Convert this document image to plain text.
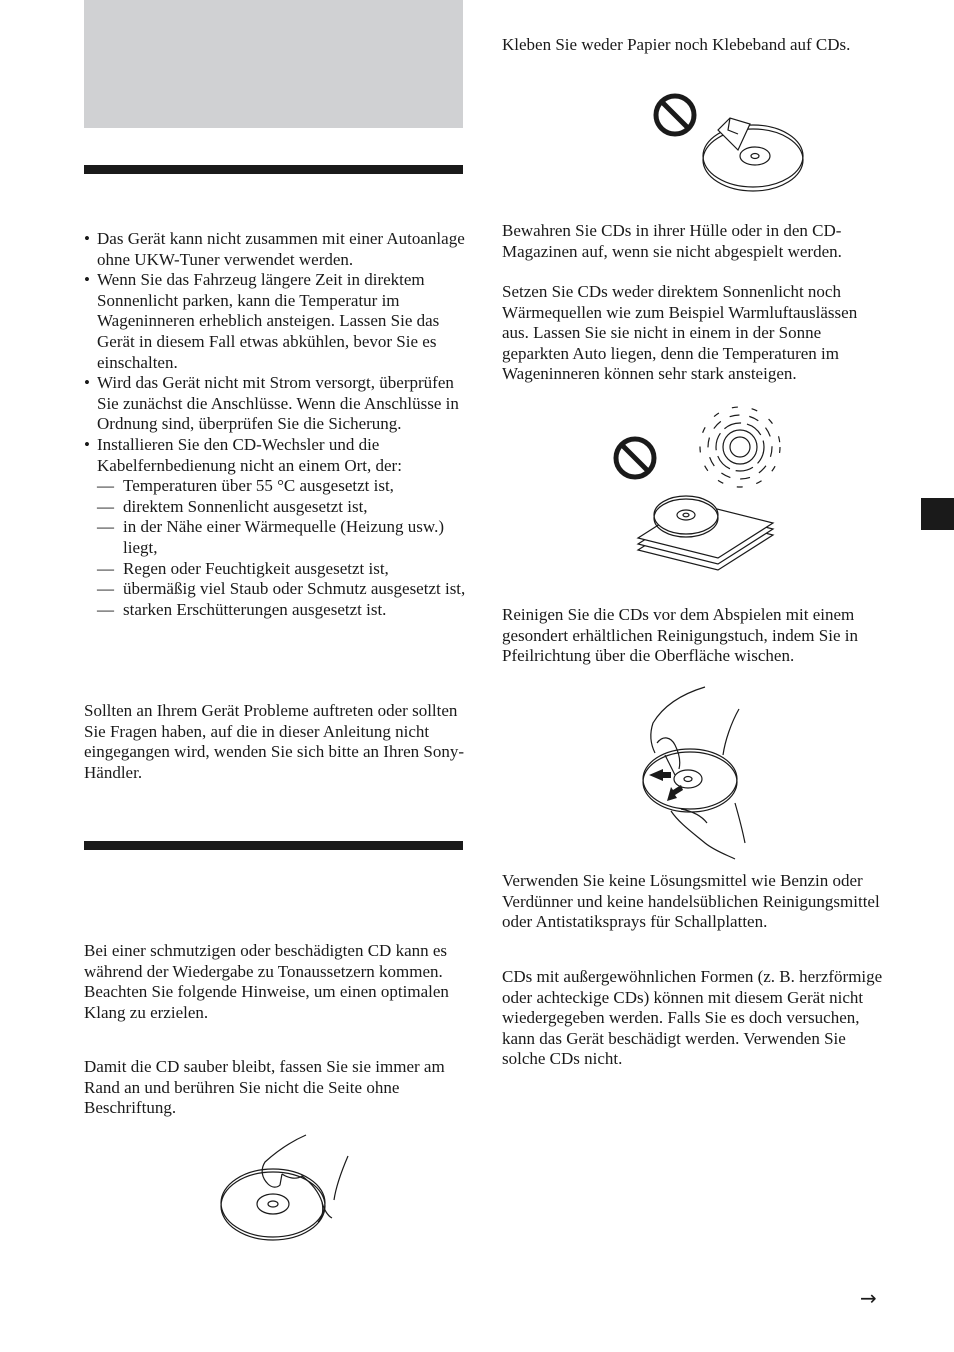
• Das Gerät kann nicht zusammen mit einer Autoanlage ohne UKW-Tuner verwendet werden.
• Wenn Sie das Fahrzeug längere Zeit in direktem Sonnenlicht parken, kann die Temperatur im Wageninneren erheblich ansteigen. Lassen Sie das Gerät in diesem Fall etwas abkühlen, bevor Sie es einschalten.
• Wird das Gerät nicht mit Strom versorgt, überprüfen Sie zunächst die Anschlüsse. Wenn die Anschlüsse in Ordnung sind, überprüfen Sie die Sicherung.
• Installieren Sie den CD-Wechsler und die Kabelfernbedienung nicht an einem Ort, der:
— Temperaturen über 55 °C ausgesetzt ist,
— direktem Sonnenlicht ausgesetzt ist,
— in der Nähe einer Wärmequelle (Heizung usw.) liegt,
— Regen oder Feuchtigkeit ausgesetzt ist,
— übermäßig viel Staub oder Schmutz ausgesetzt ist,
— starken Erschütterungen ausgesetzt ist.

Sollten an Ihrem Gerät Probleme auftreten oder sollten Sie Fragen haben, auf die in dieser Anleitung nicht eingegangen wird, wenden Sie sich bitte an Ihren Sony-Händler.

Bei einer schmutzigen oder beschädigten CD kann es während der Wiedergabe zu Tonaussetzern kommen. Beachten Sie folgende Hinweise, um einen optimalen Klang zu erzielen.

Damit die CD sauber bleibt, fassen Sie sie immer am Rand an und berühren Sie nicht die Seite ohne Beschriftung.

Kleben Sie weder Papier noch Klebeband auf CDs.

Bewahren Sie CDs in ihrer Hülle oder in den CD-Magazinen auf, wenn sie nicht abgespielt werden.

Setzen Sie CDs weder direktem Sonnenlicht noch Wärmequellen wie zum Beispiel Warmluftauslässen aus. Lassen Sie sie nicht in einem in der Sonne geparkten Auto liegen, denn die Temperaturen im Wageninneren können sehr stark ansteigen.

Reinigen Sie die CDs vor dem Abspielen mit einem gesondert erhältlichen Reinigungstuch, indem Sie in Pfeilrichtung über die Oberfläche wischen.

Verwenden Sie keine Lösungsmittel wie Benzin oder Verdünner und keine handelsüblichen Reinigungsmittel oder Antistatiksprays für Schallplatten.

CDs mit außergewöhnlichen Formen (z. B. herzförmige oder achteckige CDs) können mit diesem Gerät nicht wiedergegeben werden. Falls Sie es doch versuchen, kann das Gerät beschädigt werden. Verwenden Sie solche CDs nicht.

→
